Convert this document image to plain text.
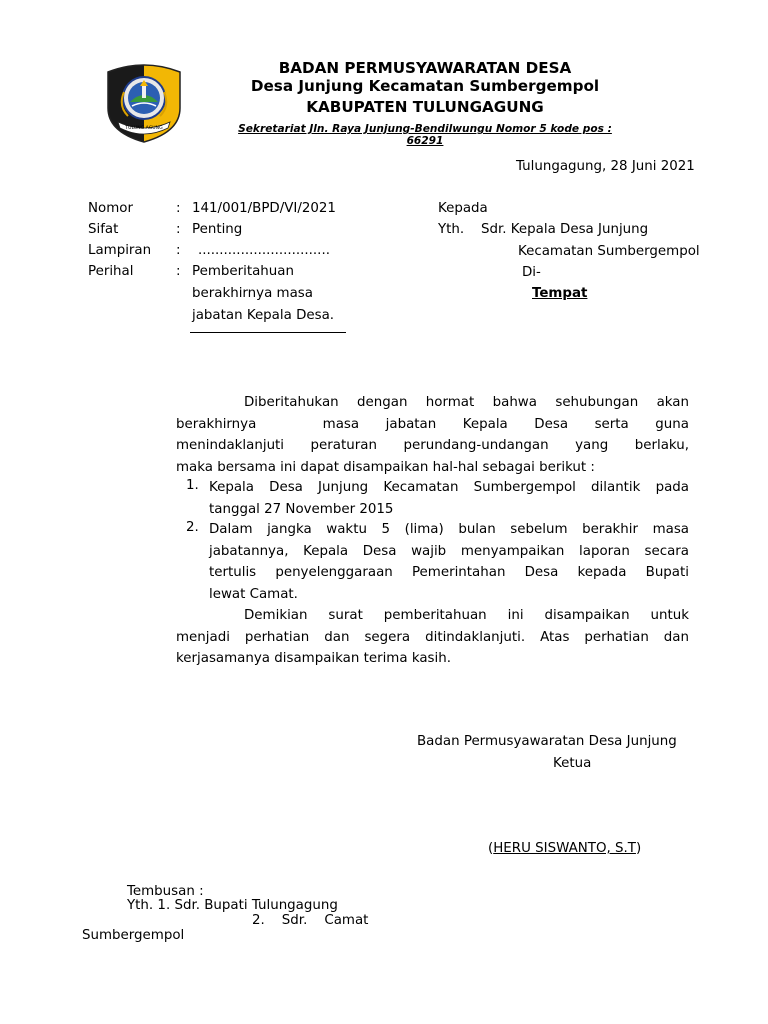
TULUNG AGUNG
BADAN PERMUSYAWARATAN DESA
Desa Junjung Kecamatan Sumbergempol
KABUPATEN TULUNGAGUNG
Sekretariat Jln. Raya Junjung-Bendilwungu Nomor 5 kode pos :
66291
Tulungagung, 28 Juni 2021
Nomor	: 141/001/BPD/VI/2021
Sifat	: Penting
Lampiran : ...............................
Perihal	: Pemberitahuan
berakhirnya masa
jabatan Kepala Desa.
Kepada
Yth. Sdr. Kepala Desa Junjung
Kecamatan Sumbergempol
Di-
Tempat
Diberitahukan dengan hormat bahwa sehubungan akan
berakhirnya     masa  jabatan  Kepala  Desa  serta  guna
menindaklanjuti  peraturan  perundang-undangan  yang  berlaku,
maka bersama ini dapat disampaikan hal-hal sebagai berikut :
1. Kepala Desa Junjung Kecamatan Sumbergempol dilantik pada
tanggal 27 November 2015
2. Dalam jangka waktu 5 (lima) bulan sebelum berakhir masa
jabatannya, Kepala Desa wajib menyampaikan laporan secara
tertulis penyelenggaraan Pemerintahan Desa kepada Bupati
lewat Camat.
Demikian surat pemberitahuan ini disampaikan untuk
menjadi perhatian dan segera ditindaklanjuti. Atas perhatian dan
kerjasamanya disampaikan terima kasih.
Badan Permusyawaratan Desa Junjung
Ketua
(HERU SISWANTO, S.T)
Tembusan :
Yth. 1. Sdr. Bupati Tulungagung
2.    Sdr.    Camat
Sumbergempol
